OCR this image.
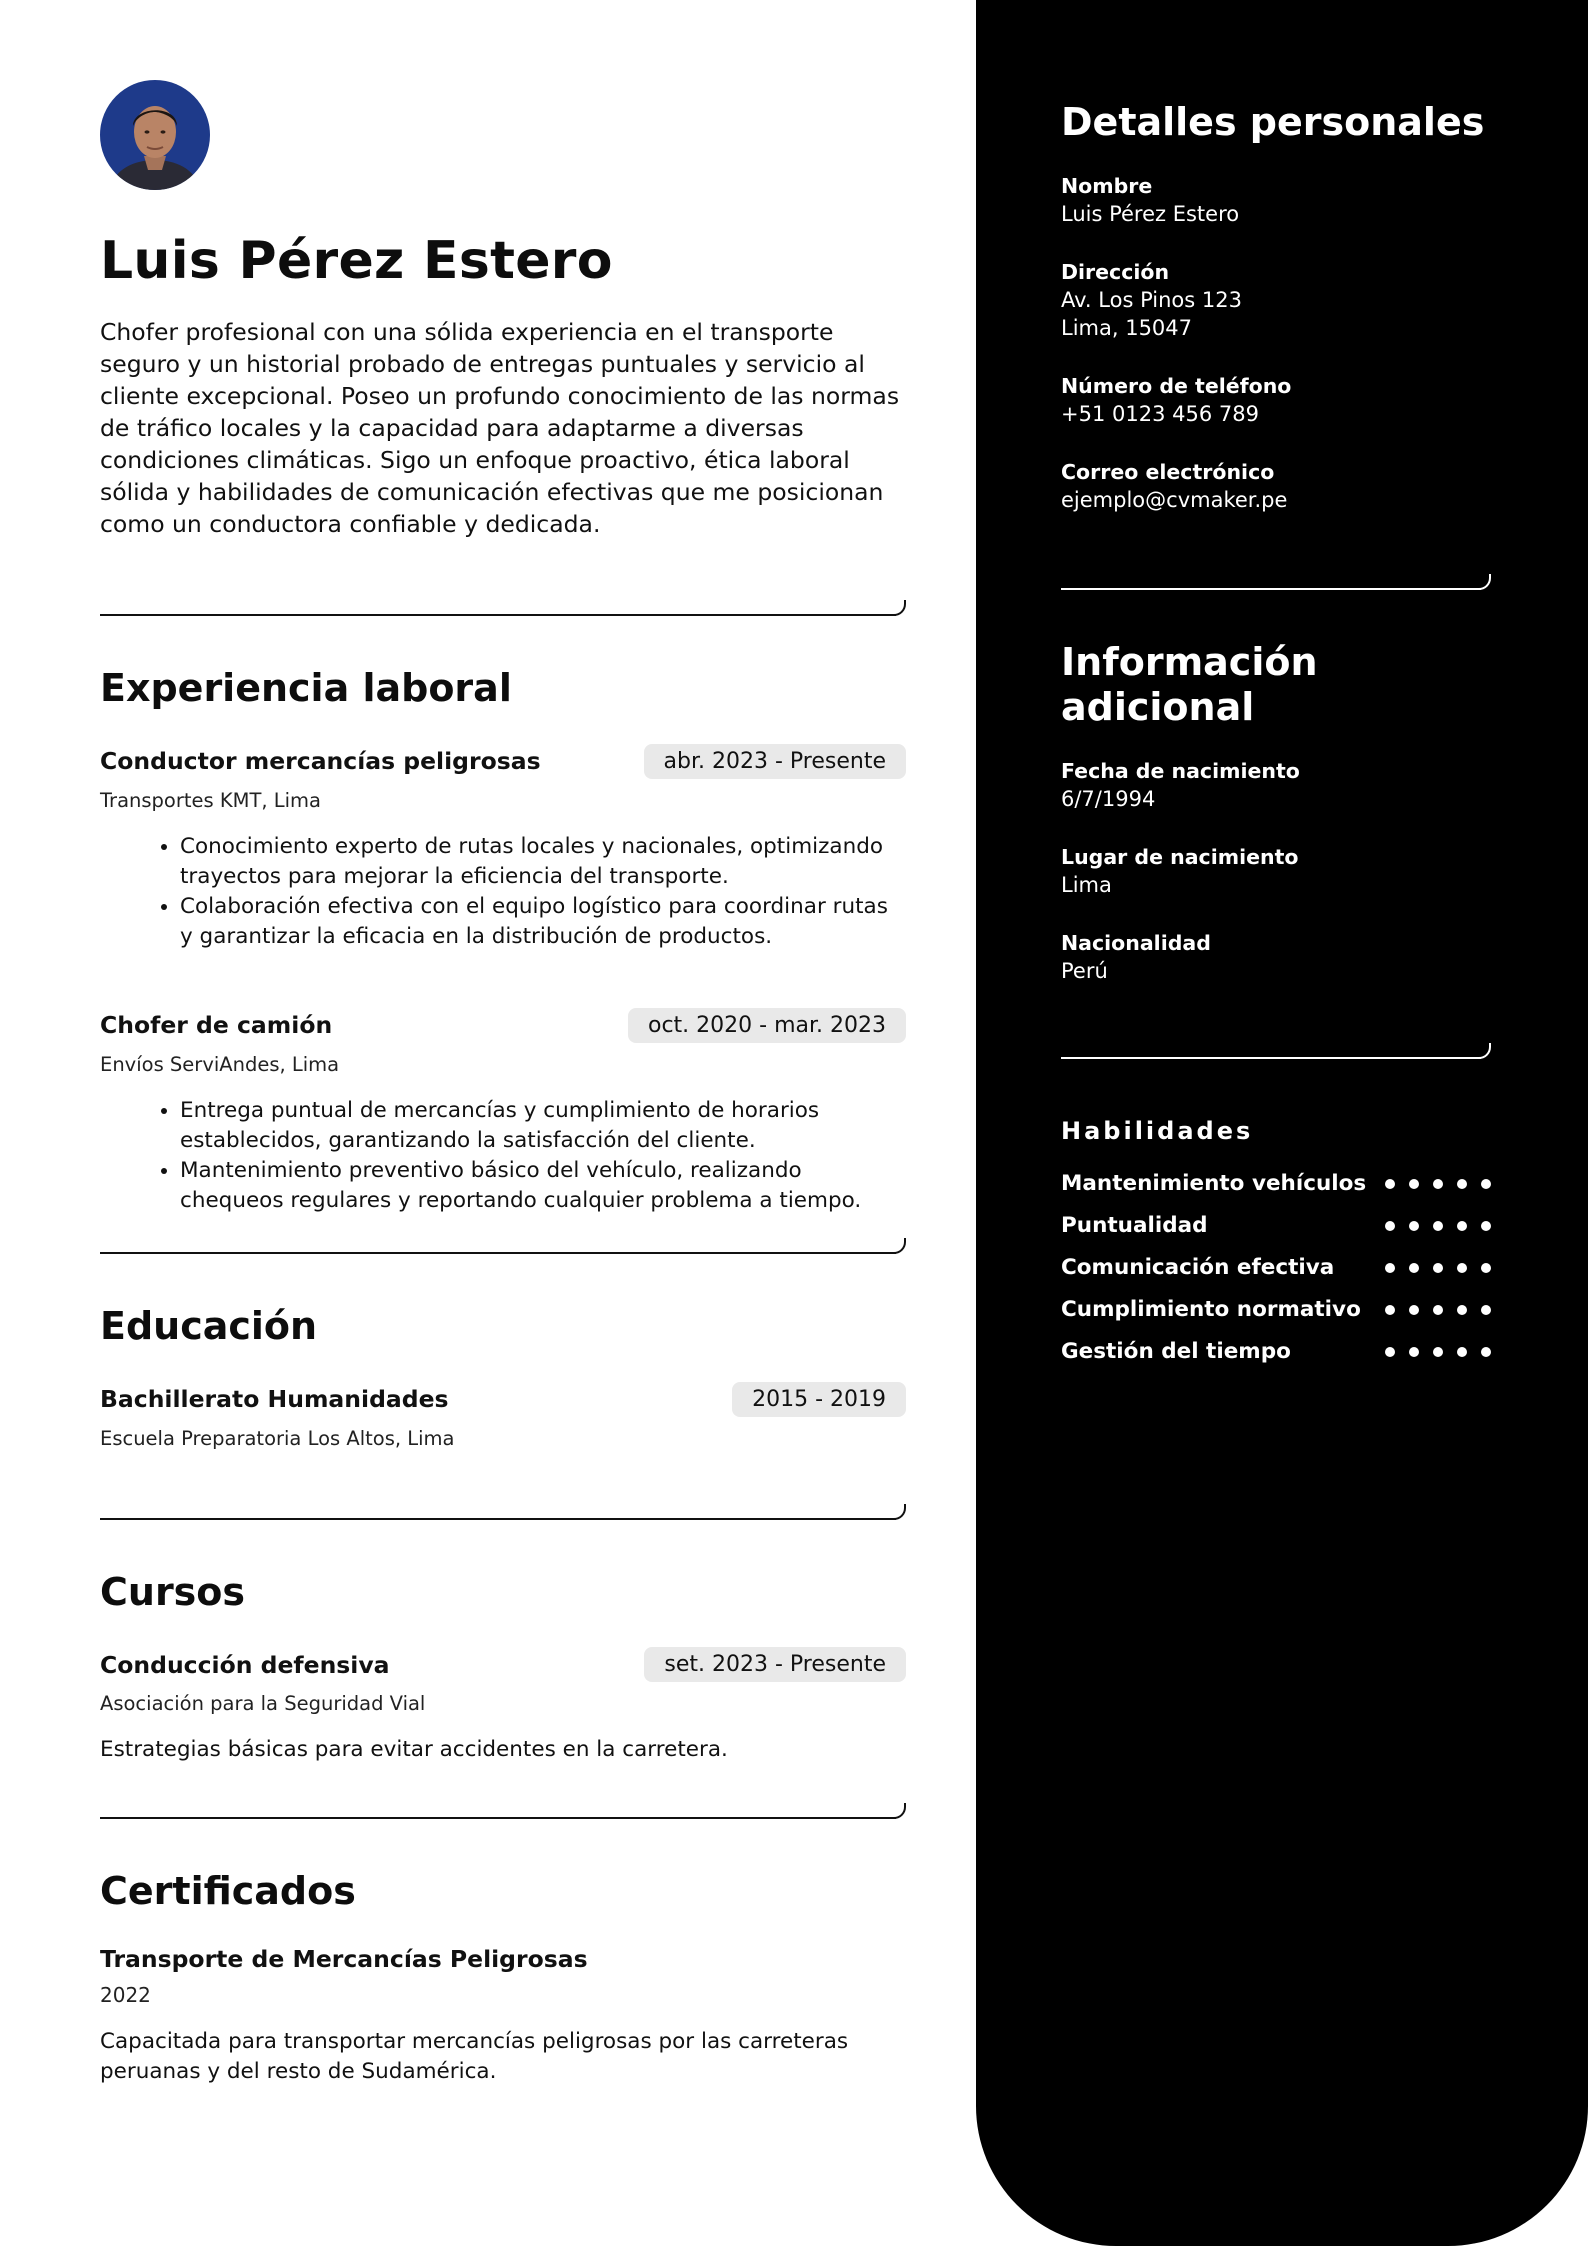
Luis Pérez Estero

Chofer profesional con una sólida experiencia en el transporte seguro y un historial probado de entregas puntuales y servicio al cliente excepcional. Poseo un profundo conocimiento de las normas de tráfico locales y la capacidad para adaptarme a diversas condiciones climáticas. Sigo un enfoque proactivo, ética laboral sólida y habilidades de comunicación efectivas que me posicionan como un conductora confiable y dedicada.

Experiencia laboral
Conductor mercancías peligrosas	abr. 2023 - Presente
Transportes KMT, Lima
• Conocimiento experto de rutas locales y nacionales, optimizando trayectos para mejorar la eficiencia del transporte.
• Colaboración efectiva con el equipo logístico para coordinar rutas y garantizar la eficacia en la distribución de productos.
Chofer de camión	oct. 2020 - mar. 2023
Envíos ServiAndes, Lima
• Entrega puntual de mercancías y cumplimiento de horarios establecidos, garantizando la satisfacción del cliente.
• Mantenimiento preventivo básico del vehículo, realizando chequeos regulares y reportando cualquier problema a tiempo.
Educación
Bachillerato Humanidades	2015 - 2019
Escuela Preparatoria Los Altos, Lima
Cursos
Conducción defensiva	set. 2023 - Presente
Asociación para la Seguridad Vial
Estrategias básicas para evitar accidentes en la carretera.
Certificados
Transporte de Mercancías Peligrosas
2022
Capacitada para transportar mercancías peligrosas por las carreteras peruanas y del resto de Sudamérica.
Detalles personales
Nombre
Luis Pérez Estero
Dirección
Av. Los Pinos 123
Lima, 15047
Número de teléfono
+51 0123 456 789
Correo electrónico
ejemplo@cvmaker.pe
Información adicional
Fecha de nacimiento
6/7/1994
Lugar de nacimiento
Lima
Nacionalidad
Perú
Habilidades
Mantenimiento vehículos
Puntualidad
Comunicación efectiva
Cumplimiento normativo
Gestión del tiempo
